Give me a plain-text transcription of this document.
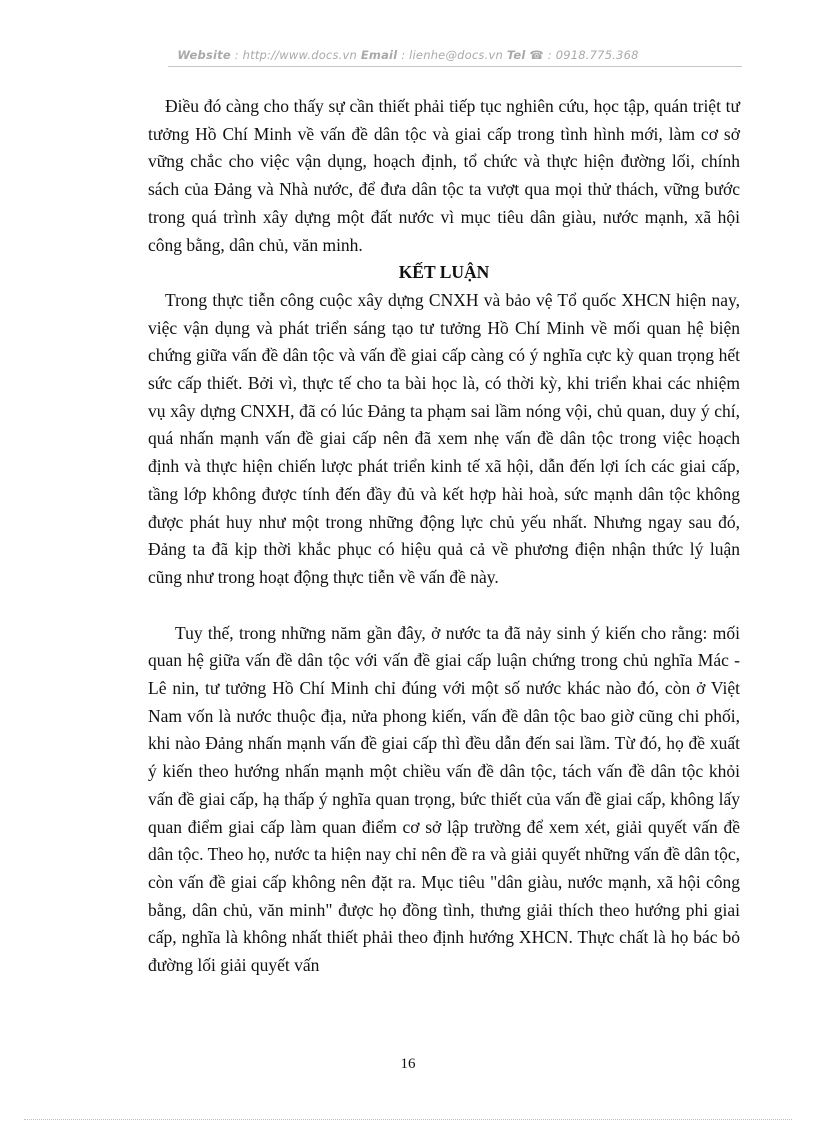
Website : http://www.docs.vn Email : lienhe@docs.vn Tel ☎ : 0918.775.368

Điều đó càng cho thấy sự cần thiết phải tiếp tục nghiên cứu, học tập, quán triệt tư tưởng Hồ Chí Minh về vấn đề dân tộc và giai cấp trong tình hình mới, làm cơ sở vững chắc cho việc vận dụng, hoạch định, tổ chức và thực hiện đường lối, chính sách của Đảng và Nhà nước, để đưa dân tộc ta vượt qua mọi thử thách, vững bước trong quá trình xây dựng một đất nước vì mục tiêu dân giàu, nước mạnh, xã hội công bằng, dân chủ, văn minh.

KẾT LUẬN

Trong thực tiễn công cuộc xây dựng CNXH và bảo vệ Tổ quốc XHCN hiện nay, việc vận dụng và phát triển sáng tạo tư tưởng Hồ Chí Minh về mối quan hệ biện chứng giữa vấn đề dân tộc và vấn đề giai cấp càng có ý nghĩa cực kỳ quan trọng hết sức cấp thiết. Bởi vì, thực tế cho ta bài học là, có thời kỳ, khi triển khai các nhiệm vụ xây dựng CNXH, đã có lúc Đảng ta phạm sai lầm nóng vội, chủ quan, duy ý chí, quá nhấn mạnh vấn đề giai cấp nên đã xem nhẹ vấn đề dân tộc trong việc hoạch định và thực hiện chiến lược phát triển kinh tế xã hội, dẫn đến lợi ích các giai cấp, tầng lớp không được tính đến đầy đủ và kết hợp hài hoà, sức mạnh dân tộc không được phát huy như một trong những động lực chủ yếu nhất. Nhưng ngay sau đó, Đảng ta đã kịp thời khắc phục có hiệu quả cả về phương điện nhận thức lý luận cũng như trong hoạt động thực tiễn về vấn đề này.

Tuy thế, trong những năm gần đây, ở nước ta đã nảy sinh ý kiến cho rằng: mối quan hệ giữa vấn đề dân tộc với vấn đề giai cấp luận chứng trong chủ nghĩa Mác - Lê nin, tư tưởng Hồ Chí Minh chỉ đúng với một số nước khác nào đó, còn ở Việt Nam vốn là nước thuộc địa, nửa phong kiến, vấn đề dân tộc bao giờ cũng chi phối, khi nào Đảng nhấn mạnh vấn đề giai cấp thì đều dẫn đến sai lầm. Từ đó, họ đề xuất ý kiến theo hướng nhấn mạnh một chiều vấn đề dân tộc, tách vấn đề dân tộc khỏi vấn đề giai cấp, hạ thấp ý nghĩa quan trọng, bức thiết của vấn đề giai cấp, không lấy quan điểm giai cấp làm quan điểm cơ sở lập trường để xem xét, giải quyết vấn đề dân tộc. Theo họ, nước ta hiện nay chỉ nên đề ra và giải quyết những vấn đề dân tộc, còn vấn đề giai cấp không nên đặt ra. Mục tiêu "dân giàu, nước mạnh, xã hội công bằng, dân chủ, văn minh" được họ đồng tình, thưng giải thích theo hướng phi giai cấp, nghĩa là không nhất thiết phải theo định hướng XHCN. Thực chất là họ bác bỏ đường lối giải quyết vấn

16
